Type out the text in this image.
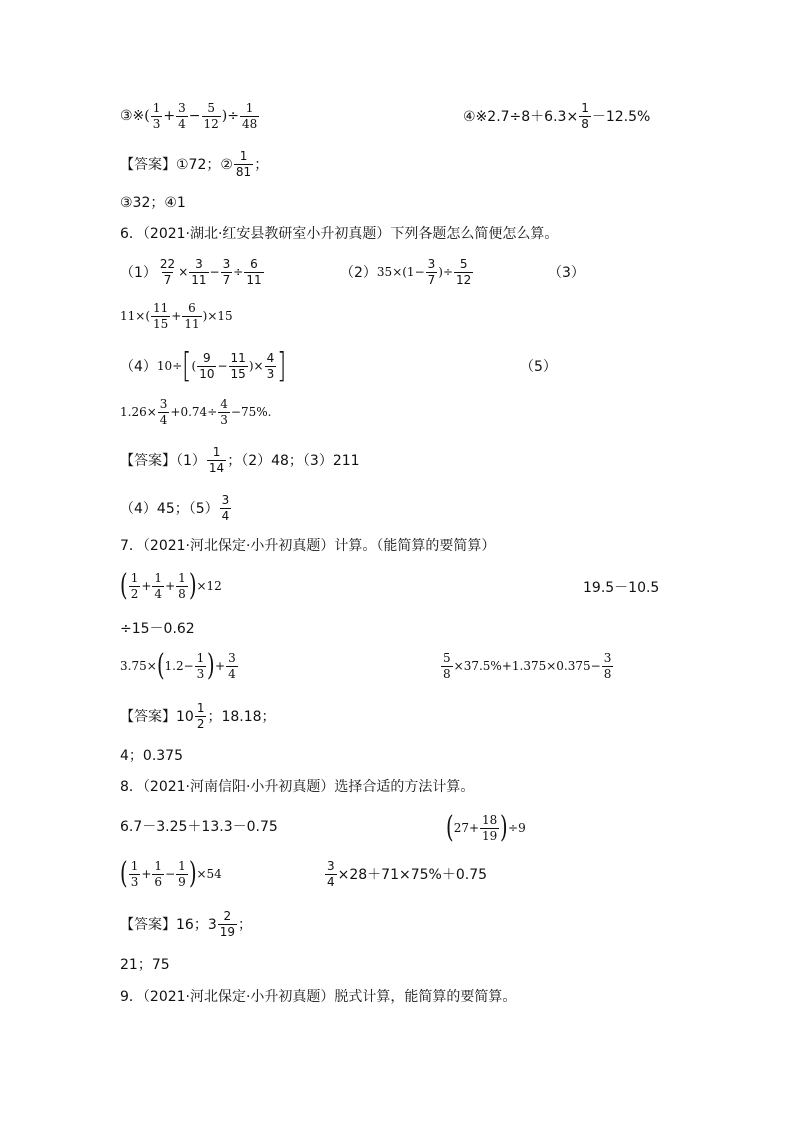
③※( $\frac{1}{3} + \frac{3}{4} - \frac{5}{12}$ )÷ $\frac{1}{48}$	④※2.7÷8＋6.3× $\frac{1}{8} -12.5\%$
【答案】①72；② $\frac{1}{81}$ ；
③32；④1
6．（2021·湖北·红安县教研室小升初真题）下列各题怎么简便怎么算。
$(1) \frac{22}{7} \times \frac{3}{11} - \frac{3}{7} \div \frac{6}{11}$	（2） $35\times(1- \frac{3}{7}$ )÷ $\frac{5}{12}$	（3）
$11\times( \frac{11}{15} + \frac{6}{11} )\times 15$
（4） 10÷ [ ( $\frac{9}{10} - \frac{11}{15}$ ) × $\frac{4}{3}$ ]	（5）
$1.26\times \frac{3}{4} +0.74\div \frac{4}{3} -75\%$.
【答案】$(1) \frac{1}{14}$ ；（2）48；（3）211
（4）45；$(5) \frac{3}{4}$
7．（2021·河北保定·小升初真题）计算。（能简算的要简算）
( $\frac{1}{2} + \frac{1}{4} + \frac{1}{8}$ ) ×12	19.5－10.5
÷15－0.62
3.75× ( $1.2- \frac{1}{3}$ ) + $\frac{3}{4}$	$\frac{5}{8} \times 37.5\%+1.375\times 0.375- \frac{3}{8}$
【答案】$10 \frac{1}{2}$ ；18.18；
4；0.375
8．（2021·河南信阳·小升初真题）选择合适的方法计算。
6.7－3.25＋13.3－0.75	( $27+ \frac{18}{19}$ ) ÷9
( $\frac{1}{3} + \frac{1}{6} - \frac{1}{9}$ ) ×54	$\frac{3}{4} \times 28+71\times 75\%+0.75$
【答案】16；$3 \frac{2}{19}$ ；
21；75
9．（2021·河北保定·小升初真题）脱式计算，能简算的要简算。
